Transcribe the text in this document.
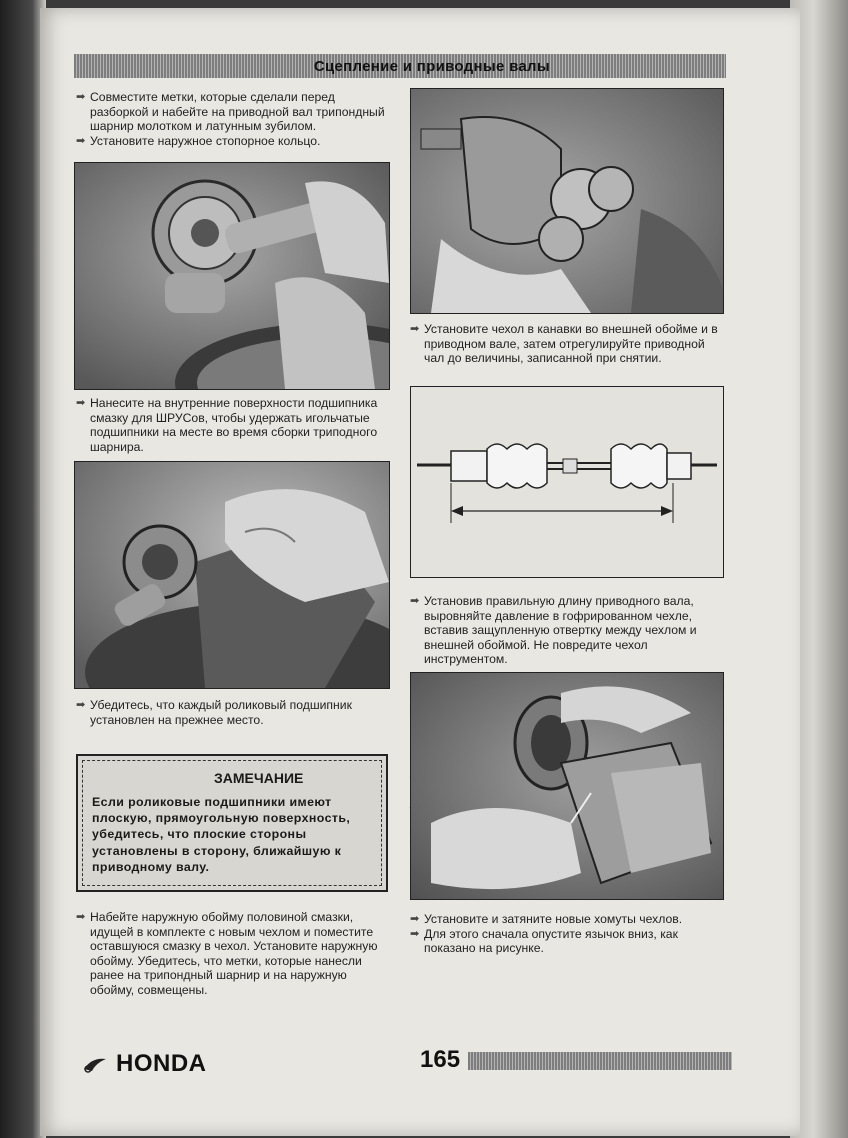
Сцепление и приводные валы

➡ Совместите метки, которые сделали перед разборкой и набейте на приводной вал трипондный шарнир молотком и латунным зубилом.

➡ Установите наружное стопорное кольцо.

➡ Нанесите на внутренние поверхности подшипника смазку для ШРУСов, чтобы удержать игольчатые подшипники на месте во время сборки триподного шарнира.

➡ Убедитесь, что каждый роликовый подшипник установлен на прежнее место.

ЗАМЕЧАНИЕ
Если роликовые подшипники имеют плоскую, прямоугольную поверхность, убедитесь, что плоские стороны установлены в сторону, ближайшую к приводному валу.

➡ Набейте наружную обойму половиной смазки, идущей в комплекте с новым чехлом и поместите оставшуюся смазку в чехол. Установите наружную обойму. Убедитесь, что метки, которые нанесли ранее на трипондный шарнир и на наружную обойму, совмещены.

➡ Установите чехол в канавки во внешней обойме и в приводном вале, затем отрегулируйте приводной чал до величины, записанной при снятии.

➡ Установив правильную длину приводного вала, выровняйте давление в гофрированном чехле, вставив защупленную отвертку между чехлом и внешней обоймой. Не повредите чехол инструментом.

➡ Установите и затяните новые хомуты чехлов.

➡ Для этого сначала опустите язычок вниз, как показано на рисунке.

HONDA	165
